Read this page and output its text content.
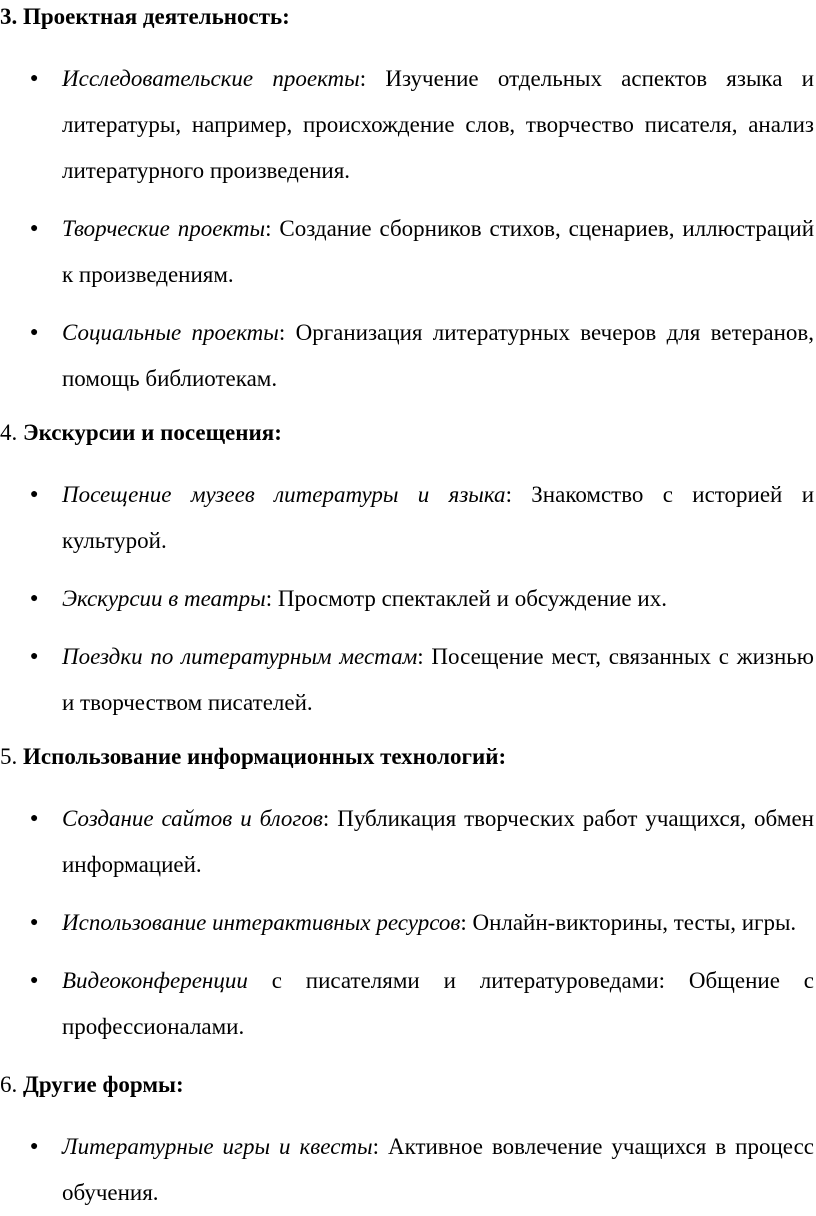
3. Проектная деятельность:

● Исследовательские проекты: Изучение отдельных аспектов языка и литературы, например, происхождение слов, творчество писателя, анализ литературного произведения.
● Творческие проекты: Создание сборников стихов, сценариев, иллюстраций к произведениям.
● Социальные проекты: Организация литературных вечеров для ветеранов, помощь библиотекам.

4. Экскурсии и посещения:

● Посещение музеев литературы и языка: Знакомство с историей и культурой.
● Экскурсии в театры: Просмотр спектаклей и обсуждение их.
● Поездки по литературным местам: Посещение мест, связанных с жизнью и творчеством писателей.

5. Использование информационных технологий:

● Создание сайтов и блогов: Публикация творческих работ учащихся, обмен информацией.
● Использование интерактивных ресурсов: Онлайн-викторины, тесты, игры.
● Видеоконференции с писателями и литературоведами: Общение с профессионалами.

6. Другие формы:

● Литературные игры и квесты: Активное вовлечение учащихся в процесс обучения.
